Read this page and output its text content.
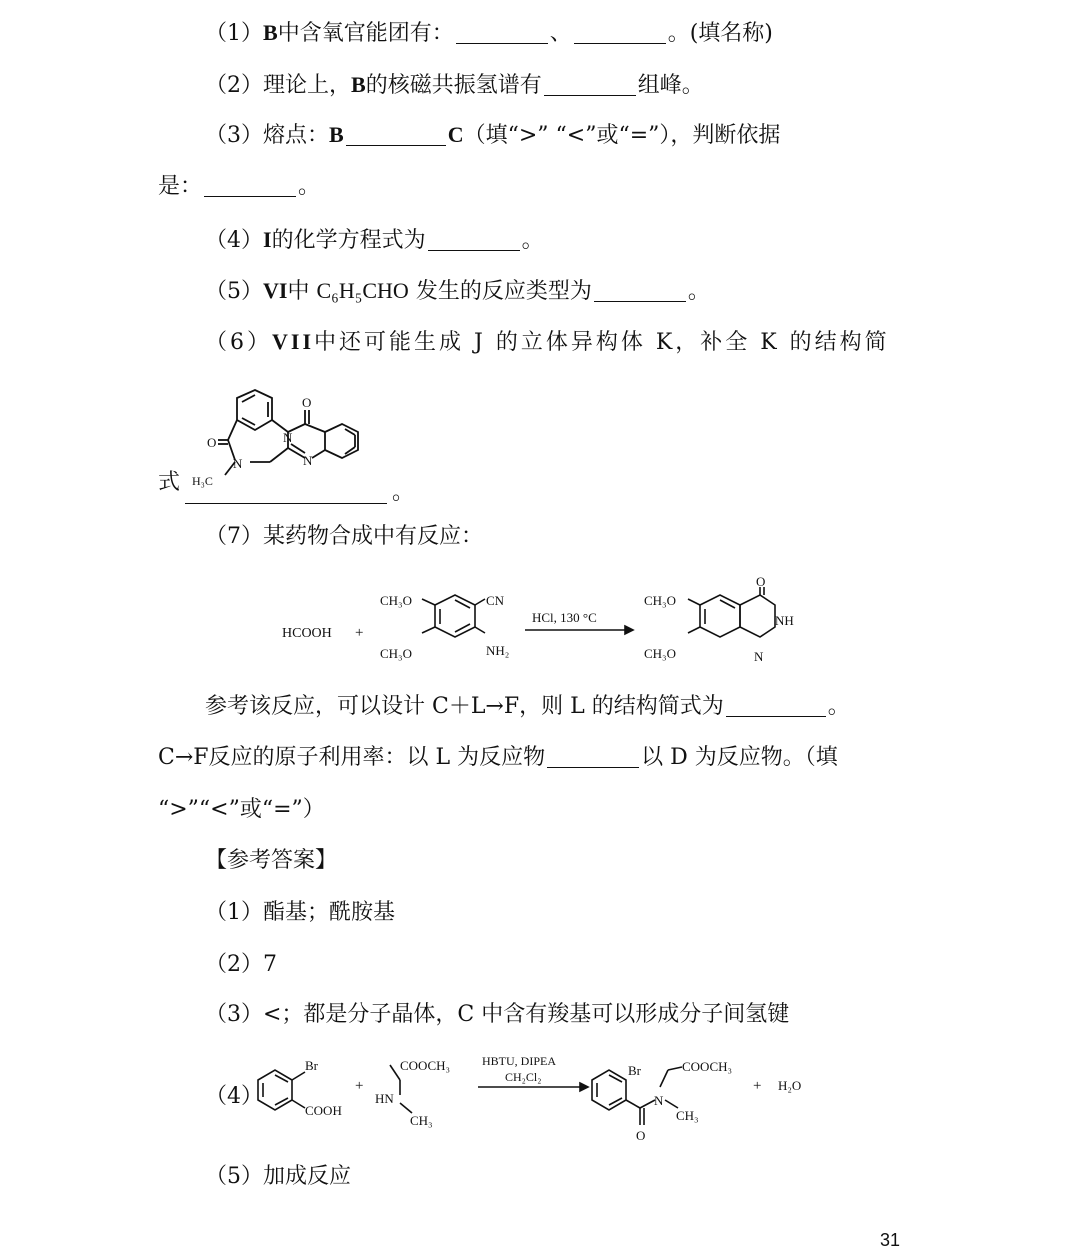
（1）B中含氧官能团有：	、	。(填名称)
（2）理论上，B的核磁共振氢谱有	组峰。
（3）熔点：B	C（填“>” “<”或“=”），判断依据
是：	。
（4）I的化学方程式为	。
（5）VI中 C₆H₅CHO 发生的反应类型为	。
（6）VII中还可能生成 J 的立体异构体 K，补全 K 的结构简
式	。
O
O	N
N	N
H₃C
（7）某药物合成中有反应：
HCOOH +
CH₃O
CH₃O
CN
NH₂
HCl, 130 °C
CH₃O
CH₃O
O
NH
N
参考该反应，可以设计 C＋L→F，则 L 的结构简式为	。
C→F反应的原子利用率：以 L 为反应物	以 D 为反应物。（填
“>”“<”或“=”）
【参考答案】
（1）酯基；酰胺基
（2）7
（3）<；都是分子晶体，C 中含有羧基可以形成分子间氢键
（4）
Br
COOH
+
COOCH₃
HN
CH₃
HBTU, DIPEA
CH₂Cl₂	Br	COOCH₃
N
CH₃
O
+ H₂O
（5）加成反应
31
